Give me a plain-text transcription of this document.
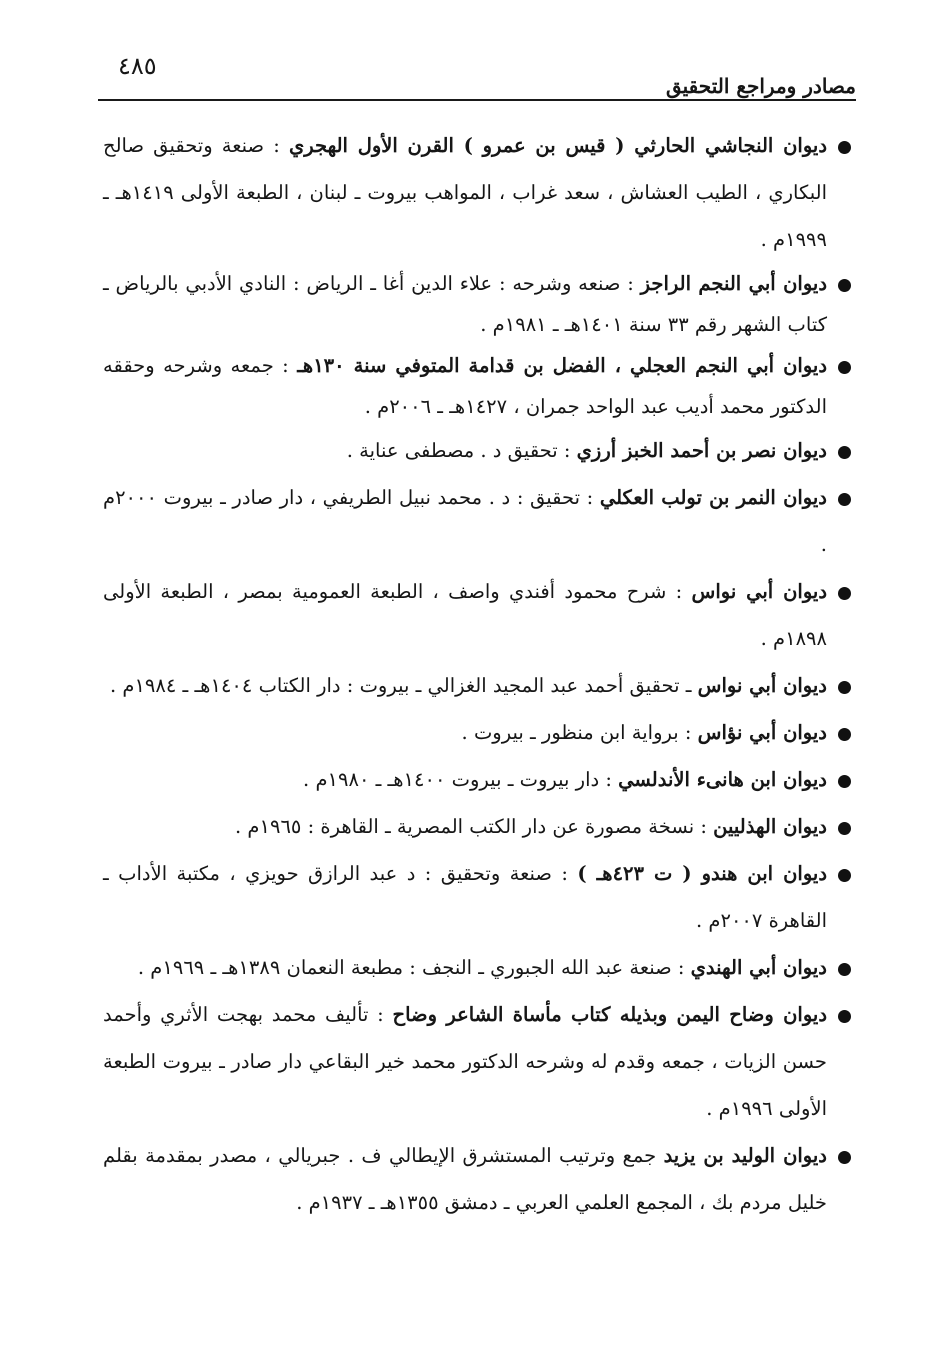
مصادر ومراجع التحقيق
٤٨٥
ديوان النجاشي الحارثي ( قيس بن عمرو ) القرن الأول الهجري : صنعة وتحقيق صالح البكاري ، الطيب العشاش ، سعد غراب ، المواهب بيروت ـ لبنان ، الطبعة الأولى ١٤١٩هـ ـ ١٩٩٩م .
ديوان أبي النجم الراجز : صنعه وشرحه : علاء الدين أغا ـ الرياض : النادي الأدبي بالرياض ـ كتاب الشهر رقم ٣٣ سنة ١٤٠١هـ ـ ١٩٨١م .
ديوان أبي النجم العجلي ، الفضل بن قدامة المتوفي سنة ١٣٠هـ : جمعه وشرحه وحققه الدكتور محمد أديب عبد الواحد جمران ، ١٤٢٧هـ ـ ٢٠٠٦م .
ديوان نصر بن أحمد الخبز أرزي : تحقيق د . مصطفى عناية .
ديوان النمر بن تولب العكلي : تحقيق : د . محمد نبيل الطريفي ، دار صادر ـ بيروت ٢٠٠٠م .
ديوان أبي نواس : شرح محمود أفندي واصف ، الطبعة العمومية بمصر ، الطبعة الأولى ١٨٩٨م .
ديوان أبي نواس ـ تحقيق أحمد عبد المجيد الغزالي ـ بيروت : دار الكتاب ١٤٠٤هـ ـ ١٩٨٤م .
ديوان أبي نؤاس : برواية ابن منظور ـ بيروت .
ديوان ابن هانىء الأندلسي : دار بيروت ـ بيروت ١٤٠٠هـ ـ ١٩٨٠م .
ديوان الهذليين : نسخة مصورة عن دار الكتب المصرية ـ القاهرة : ١٩٦٥م .
ديوان ابن هندو ( ت ٤٢٣هـ ) : صنعة وتحقيق : د عبد الرازق حويزي ، مكتبة الأداب ـ القاهرة ٢٠٠٧م .
ديوان أبي الهندي : صنعة عبد الله الجبوري ـ النجف : مطبعة النعمان ١٣٨٩هـ ـ ١٩٦٩م .
ديوان وضاح اليمن وبذيله كتاب مأساة الشاعر وضاح : تأليف محمد بهجت الأثري وأحمد حسن الزيات ، جمعه وقدم له وشرحه الدكتور محمد خير البقاعي دار صادر ـ بيروت الطبعة الأولى ١٩٩٦م .
ديوان الوليد بن يزيد جمع وترتيب المستشرق الإيطالي ف . جبريالي ، مصدر بمقدمة بقلم خليل مردم بك ، المجمع العلمي العربي ـ دمشق ١٣٥٥هـ ـ ١٩٣٧م .
